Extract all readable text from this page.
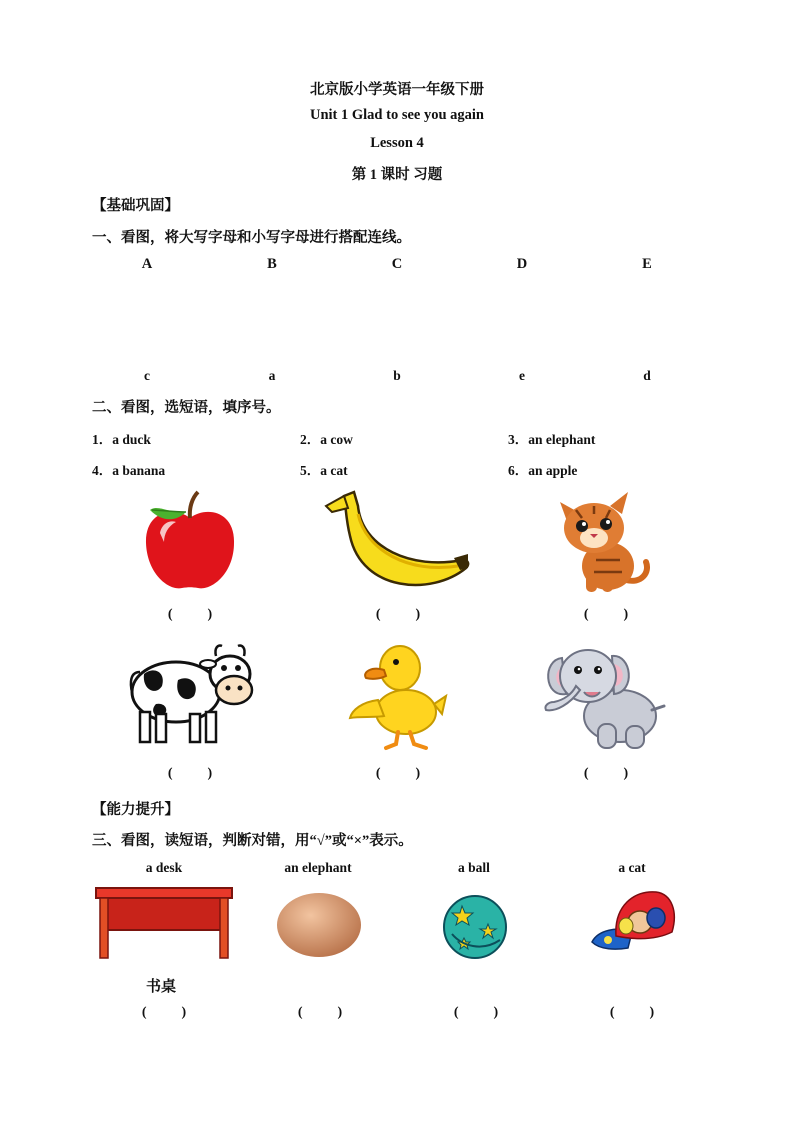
北京版小学英语一年级下册
Unit 1 Glad to see you again
Lesson 4
第 1 课时 习题
【基础巩固】
一、看图，将大写字母和小写字母进行搭配连线。
A	B	C	D	E
c	a	b	e	d
二、看图，选短语，填序号。
1．a duck	2．a cow	3．an elephant
4．a banana	5．a cat	6．an apple
(          )	(          )	(          )
(          )	(          )	(          )
【能力提升】
三、看图，读短语，判断对错，用“√”或“×”表示。
a desk	an elephant	a ball	a cat
书桌
(          )	(          )	(          )	(          )
